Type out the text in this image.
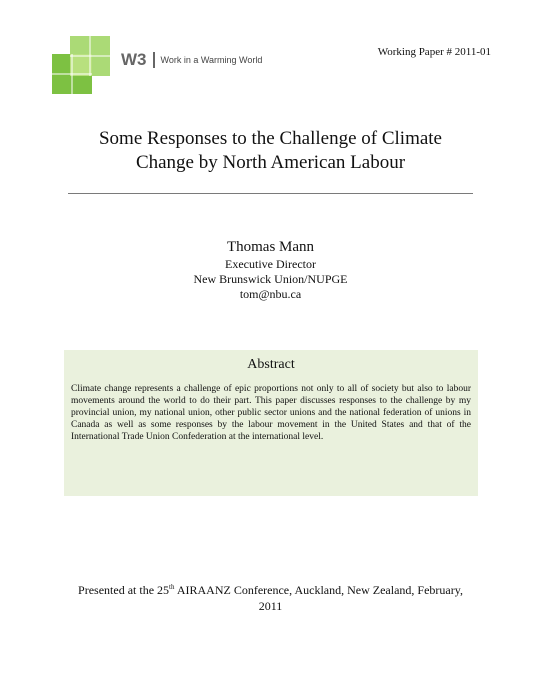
W3 Work in a Warming World
Working Paper # 2011-01
Some Responses to the Challenge of Climate
Change by North American Labour
Thomas Mann
Executive Director
New Brunswick Union/NUPGE
tom@nbu.ca
Abstract

Climate change represents a challenge of epic proportions not only to all of society but also to labour movements around the world to do their part. This paper discusses responses to the challenge by my provincial union, my national union, other public sector unions and the national federation of unions in Canada as well as some responses by the labour movement in the United States and that of the International Trade Union Confederation at the international level.

Presented at the 25th AIRAANZ Conference, Auckland, New Zealand, February,
2011
